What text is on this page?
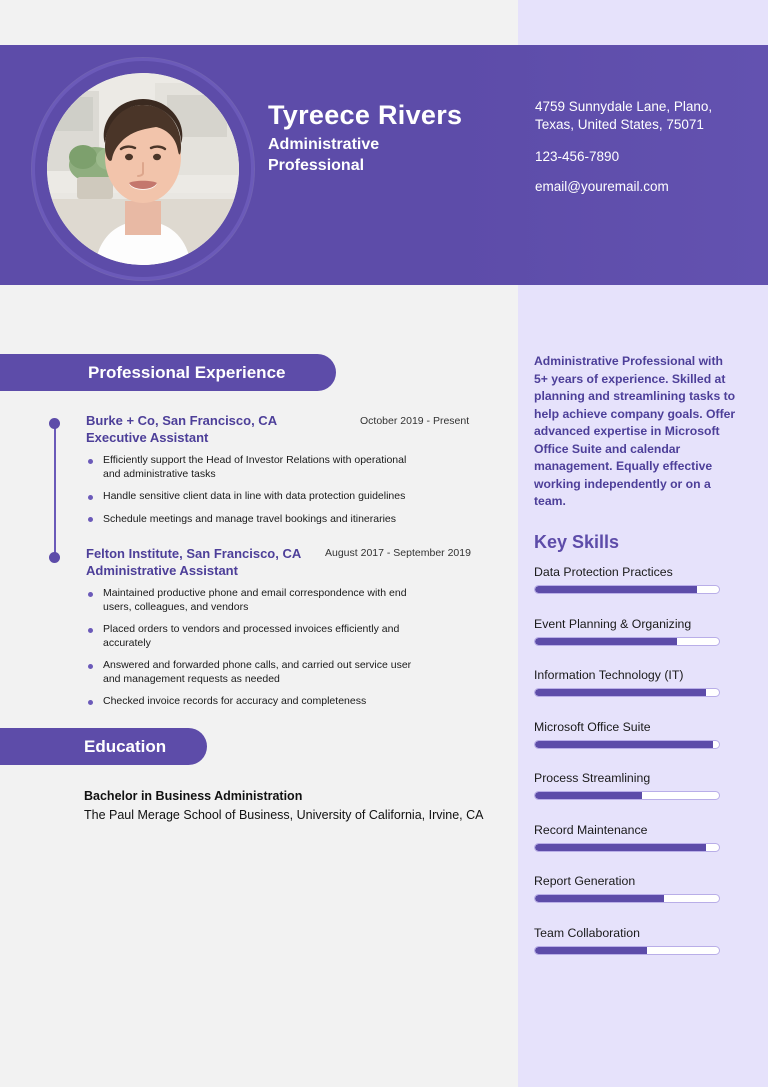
Tyreece Rivers
Administrative
Professional
4759 Sunnydale Lane, Plano, Texas, United States, 75071
123-456-7890
email@youremail.com
Professional Experience
Burke + Co, San Francisco, CA
Executive Assistant
Efficiently support the Head of Investor Relations with operational and administrative tasks
Handle sensitive client data in line with data protection guidelines
Schedule meetings and manage travel bookings and itineraries
October 2019 - Present
Felton Institute, San Francisco, CA
Administrative Assistant
Maintained productive phone and email correspondence with end users, colleagues, and vendors
Placed orders to vendors and processed invoices efficiently and accurately
Answered and forwarded phone calls, and carried out service user and management requests as needed
Checked invoice records for accuracy and completeness
August 2017 - September 2019
Education
Bachelor in Business Administration
The Paul Merage School of Business, University of California, Irvine, CA
Administrative Professional with 5+ years of experience. Skilled at planning and streamlining tasks to help achieve company goals. Offer advanced expertise in Microsoft Office Suite and calendar management. Equally effective working independently or on a team.
Key Skills
Data Protection Practices
Event Planning & Organizing
Information Technology (IT)
Microsoft Office Suite
Process Streamlining
Record Maintenance
Report Generation
Team Collaboration
